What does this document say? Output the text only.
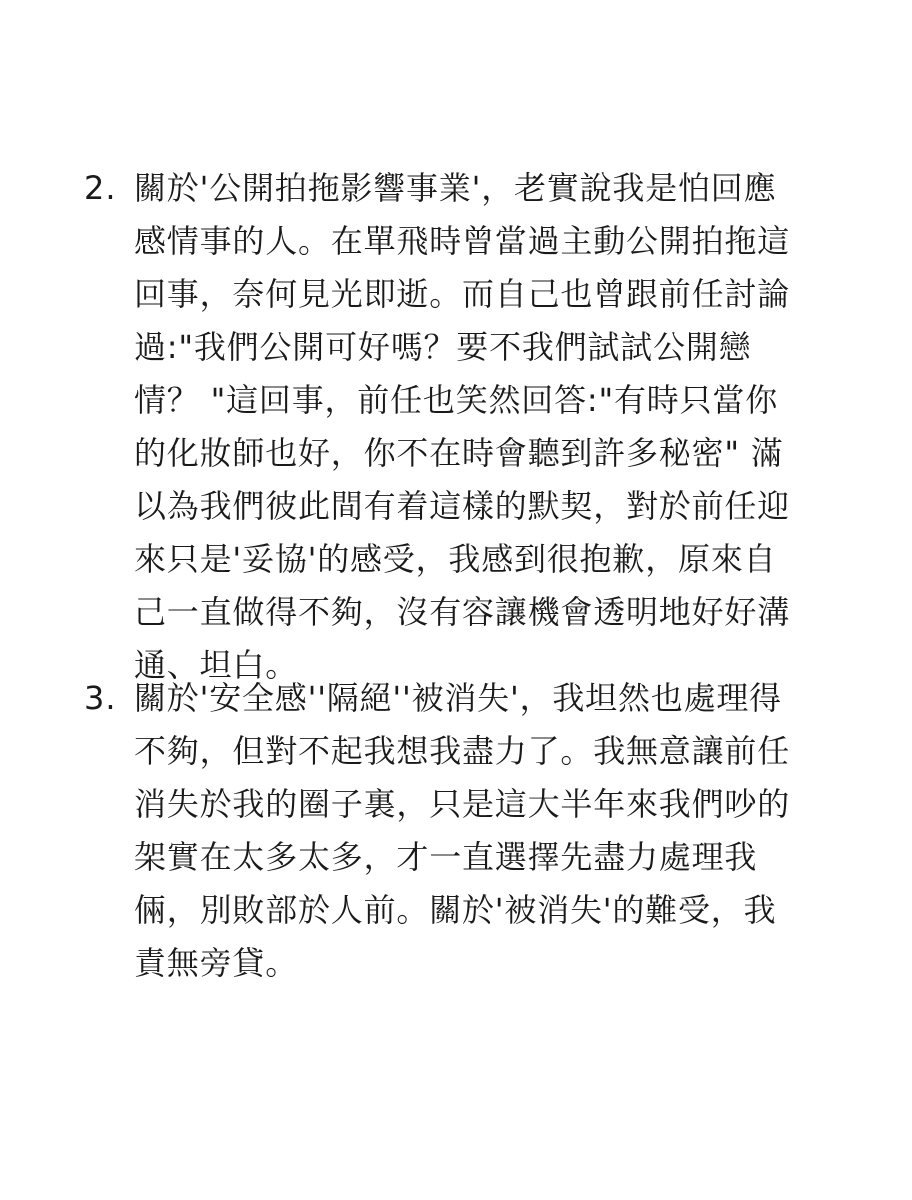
2. 關於'公開拍拖影響事業'，老實說我是怕回應
感情事的人。在單飛時曾當過主動公開拍拖這
回事，奈何見光即逝。而自己也曾跟前任討論
過:"我們公開可好嗎？要不我們試試公開戀
情？ "這回事，前任也笑然回答:"有時只當你
的化妝師也好，你不在時會聽到許多秘密" 滿
以為我們彼此間有着這樣的默契，對於前任迎
來只是'妥協'的感受，我感到很抱歉，原來自
己一直做得不夠，沒有容讓機會透明地好好溝
通、坦白。
3. 關於'安全感''隔絕''被消失'，我坦然也處理得
不夠，但對不起我想我盡力了。我無意讓前任
消失於我的圈子裏，只是這大半年來我們吵的
架實在太多太多，才一直選擇先盡力處理我
倆，別敗部於人前。關於'被消失'的難受，我
責無旁貸。
